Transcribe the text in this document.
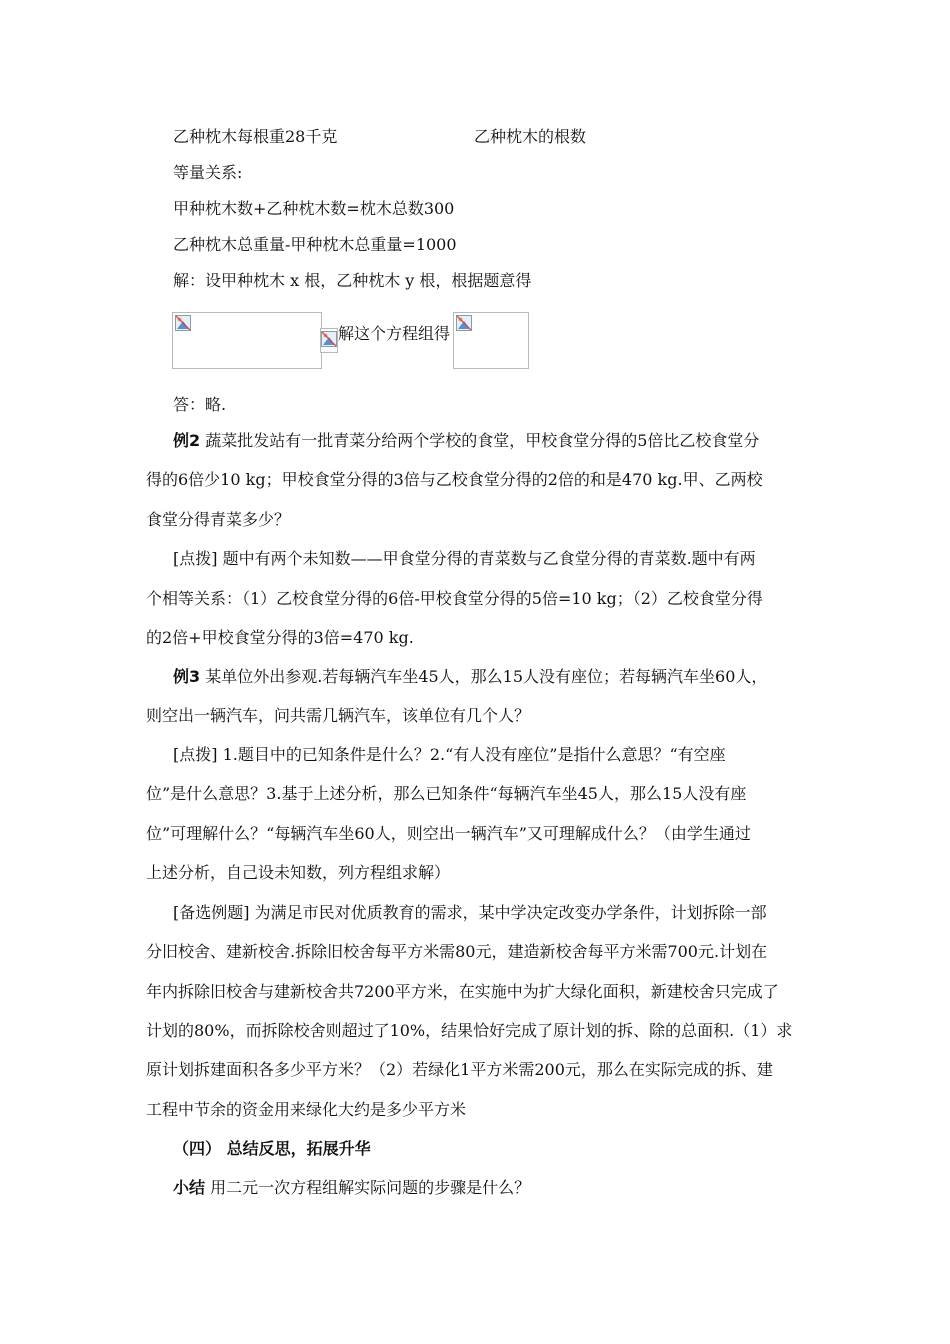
乙种枕木每根重28千克	乙种枕木的根数
等量关系:
甲种枕木数+乙种枕木数=枕木总数300
乙种枕木总重量-甲种枕木总重量=1000
解：设甲种枕木 x 根，乙种枕木 y 根，根据题意得
解这个方程组得
答：略.
例2 蔬菜批发站有一批青菜分给两个学校的食堂，甲校食堂分得的5倍比乙校食堂分
得的6倍少10 kg；甲校食堂分得的3倍与乙校食堂分得的2倍的和是470 kg.甲、乙两校
食堂分得青菜多少？
[点拨] 题中有两个未知数——甲食堂分得的青菜数与乙食堂分得的青菜数.题中有两
个相等关系：（1）乙校食堂分得的6倍-甲校食堂分得的5倍=10 kg；（2）乙校食堂分得
的2倍+甲校食堂分得的3倍=470 kg.
例3 某单位外出参观.若每辆汽车坐45人，那么15人没有座位；若每辆汽车坐60人，
则空出一辆汽车，问共需几辆汽车，该单位有几个人？
[点拨] 1.题目中的已知条件是什么？2.“有人没有座位”是指什么意思？“有空座
位”是什么意思？3.基于上述分析，那么已知条件“每辆汽车坐45人，那么15人没有座
位”可理解什么？“每辆汽车坐60人，则空出一辆汽车”又可理解成什么？（由学生通过
上述分析，自己设未知数，列方程组求解）
[备选例题] 为满足市民对优质教育的需求，某中学决定改变办学条件，计划拆除一部
分旧校舍、建新校舍.拆除旧校舍每平方米需80元，建造新校舍每平方米需700元.计划在
年内拆除旧校舍与建新校舍共7200平方米，在实施中为扩大绿化面积，新建校舍只完成了
计划的80%，而拆除校舍则超过了10%，结果恰好完成了原计划的拆、除的总面积.（1）求
原计划拆建面积各多少平方米？（2）若绿化1平方米需200元，那么在实际完成的拆、建
工程中节余的资金用来绿化大约是多少平方米
（四） 总结反思，拓展升华
小结 用二元一次方程组解实际问题的步骤是什么？
